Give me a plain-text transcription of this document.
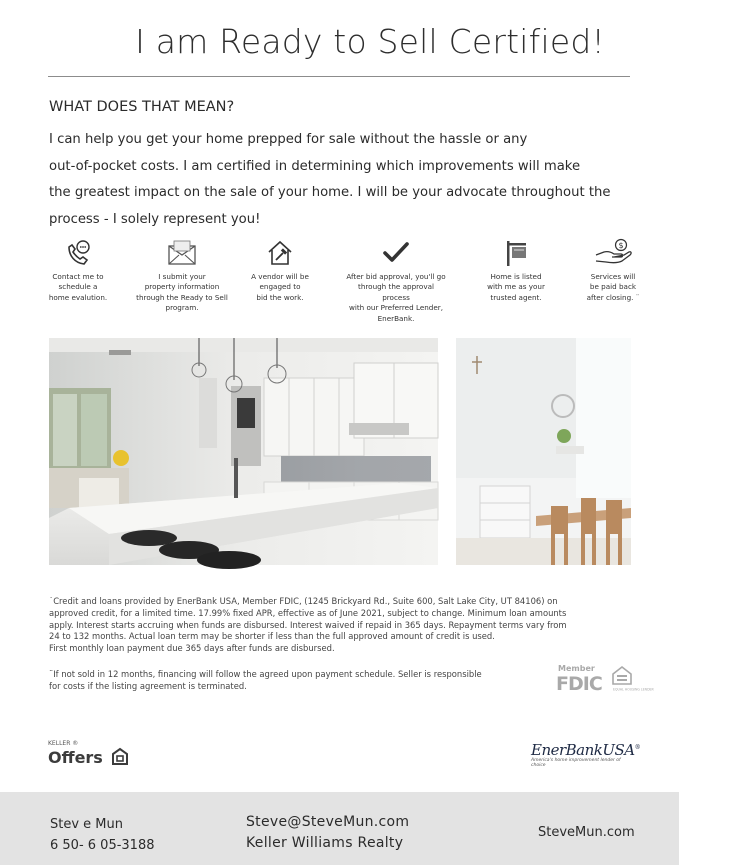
I am Ready to Sell Certified!
WHAT DOES THAT MEAN?

I can help you get your home prepped for sale without the hassle or any
out-of-pocket costs. I am certified in determining which improvements will make
the greatest impact on the sale of your home. I will be your advocate throughout the
process - I solely represent you!

Contact me to
schedule a
home evalution.
I submit your
property information
through the Ready to Sell
program.
A vendor will be
engaged to
bid the work.
After bid approval, you'll go
through the approval process
with our Preferred Lender,
EnerBank.
Home is listed
with me as your
trusted agent.
$
Services will
be paid back
after closing. ¨

˙Credit and loans provided by EnerBank USA, Member FDIC, (1245 Brickyard Rd., Suite 600, Salt Lake City, UT 84106) on
approved credit, for a limited time. 17.99% fixed APR, effective as of June 2021, subject to change. Minimum loan amounts
apply. Interest starts accruing when funds are disbursed. Interest waived if repaid in 365 days. Repayment terms vary from
24 to 132 months. Actual loan term may be shorter if less than the full approved amount of credit is used.
First monthly loan payment due 365 days after funds are disbursed.

¨If not sold in 12 months, financing will follow the agreed upon payment schedule. Seller is responsible
for costs if the listing agreement is terminated.

Member
FDIC	EQUAL HOUSING LENDER
KELLER ®
Offers	EnerBankUSA®
America's home improvement lender of choice
Stev e Mun
6 50- 6 05-3188
Steve@SteveMun.com
Keller Williams Realty
SteveMun.com
